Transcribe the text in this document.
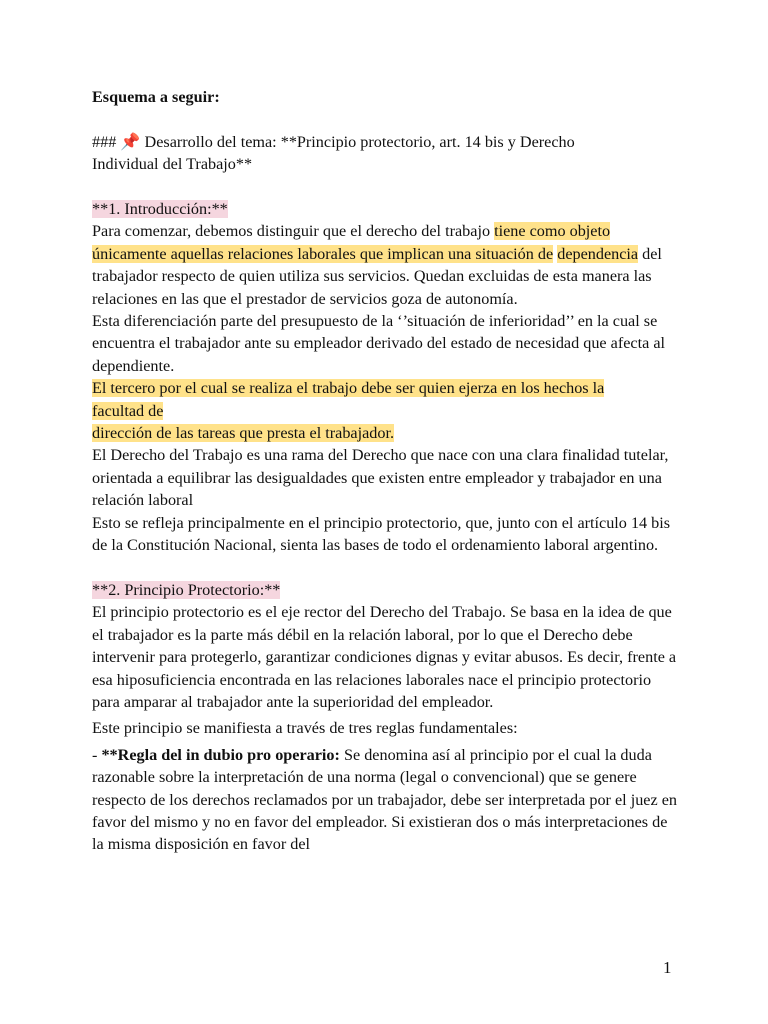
Esquema a seguir:

### 📌 Desarrollo del tema: **Principio protectorio, art. 14 bis y Derecho
Individual del Trabajo**

**1. Introducción:**

Para comenzar, debemos distinguir que el derecho del trabajo tiene como objeto únicamente aquellas relaciones laborales que implican una situación de dependencia del trabajador respecto de quien utiliza sus servicios. Quedan excluidas de esta manera las relaciones en las que el prestador de servicios goza de autonomía.

Esta diferenciación parte del presupuesto de la ‘’situación de inferioridad’’ en la cual se encuentra el trabajador ante su empleador derivado del estado de necesidad que afecta al dependiente.

El tercero por el cual se realiza el trabajo debe ser quien ejerza en los hechos la
facultad de
dirección de las tareas que presta el trabajador.

El Derecho del Trabajo es una rama del Derecho que nace con una clara finalidad tutelar, orientada a equilibrar las desigualdades que existen entre empleador y trabajador en una relación laboral

Esto se refleja principalmente en el principio protectorio, que, junto con el artículo 14 bis de la Constitución Nacional, sienta las bases de todo el ordenamiento laboral argentino.

**2. Principio Protectorio:**

El principio protectorio es el eje rector del Derecho del Trabajo. Se basa en la idea de que el trabajador es la parte más débil en la relación laboral, por lo que el Derecho debe intervenir para protegerlo, garantizar condiciones dignas y evitar abusos. Es decir, frente a esa hiposuficiencia encontrada en las relaciones laborales nace el principio protectorio para amparar al trabajador ante la superioridad del empleador.

Este principio se manifiesta a través de tres reglas fundamentales:

- **Regla del in dubio pro operario: Se denomina así al principio por el cual la duda razonable sobre la interpretación de una norma (legal o convencional) que se genere respecto de los derechos reclamados por un trabajador, debe ser interpretada por el juez en favor del mismo y no en favor del empleador. Si existieran dos o más interpretaciones de la misma disposición en favor del

1
